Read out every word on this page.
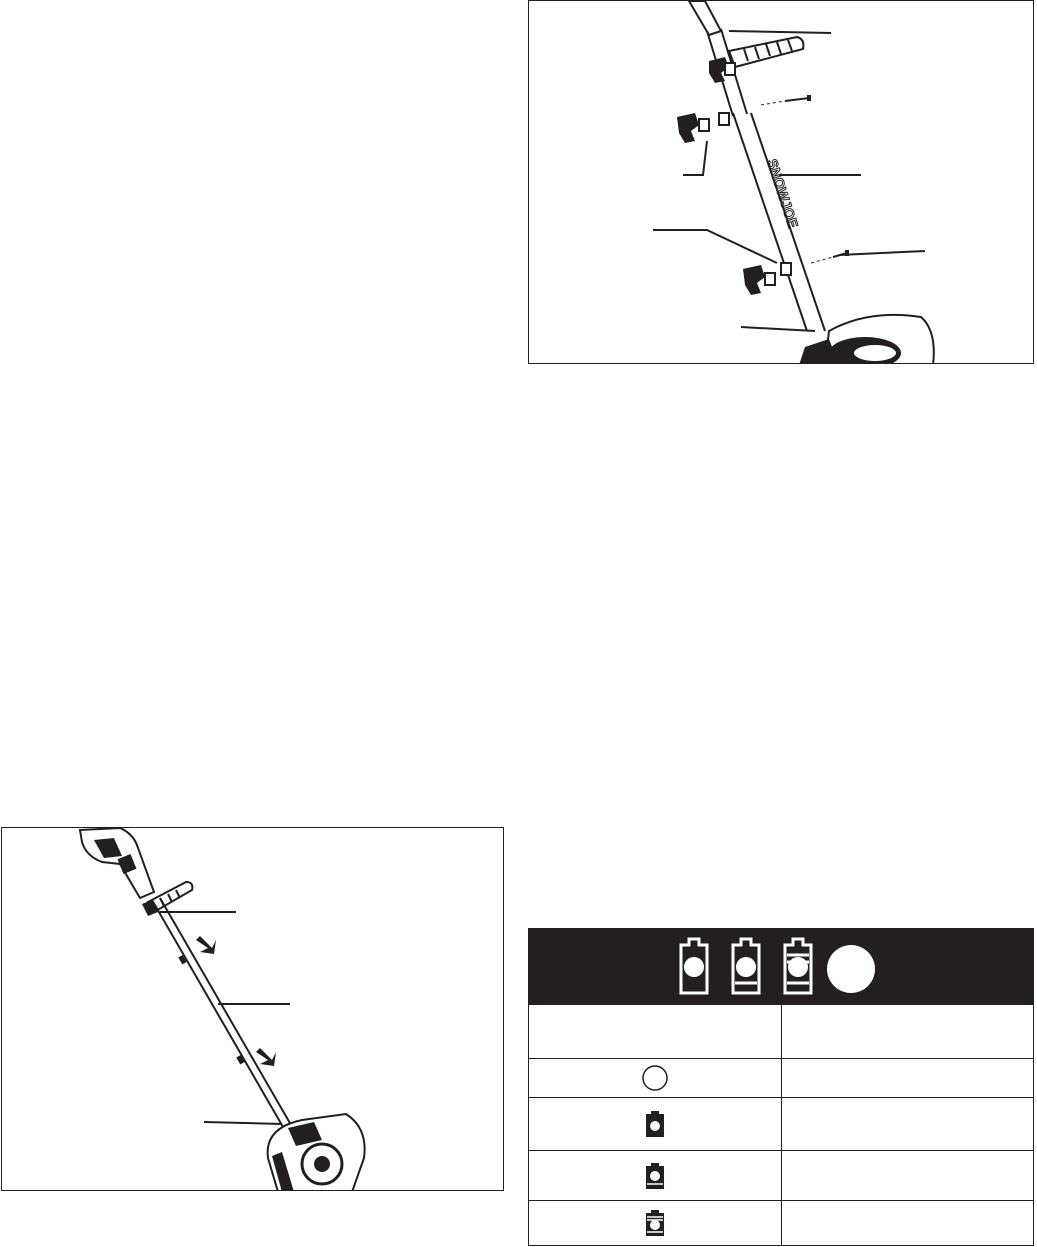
SNOWJOE
